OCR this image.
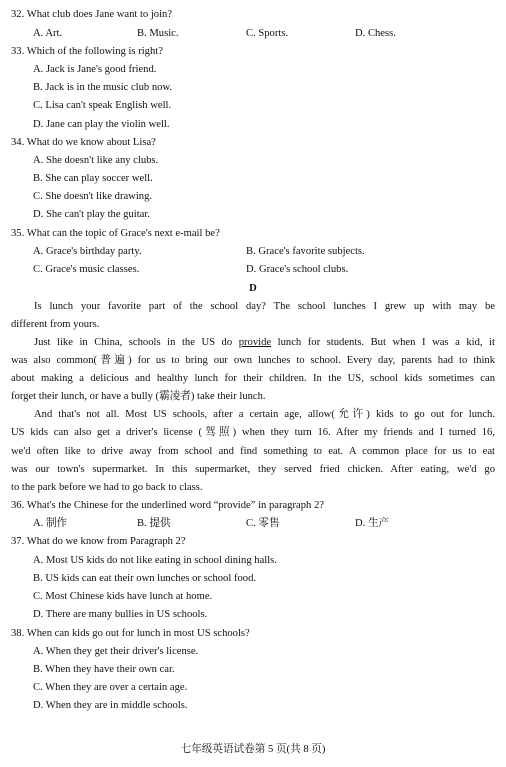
32. What club does Jane want to join?
A. Art.	B. Music.	C. Sports.	D. Chess.
33. Which of the following is right?
A. Jack is Jane's good friend.
B. Jack is in the music club now.
C. Lisa can't speak English well.
D. Jane can play the violin well.
34. What do we know about Lisa?
A. She doesn't like any clubs.
B. She can play soccer well.
C. She doesn't like drawing.
D. She can't play the guitar.
35. What can the topic of Grace's next e-mail be?
A. Grace's birthday party.	B. Grace's favorite subjects.
C. Grace's music classes.	D. Grace's school clubs.
D
Is lunch your favorite part of the school day? The school lunches I grew up with may be
different from yours.
Just like in China, schools in the US do provide lunch for students. But when I was a kid, it
was also common(普遍) for us to bring our own lunches to school. Every day, parents had to think
about making a delicious and healthy lunch for their children. In the US, school kids sometimes can
forget their lunch, or have a bully (霸凌者) take their lunch.
And that's not all. Most US schools, after a certain age, allow(允许) kids to go out for lunch.
US kids can also get a driver's license (驾照) when they turn 16. After my friends and I turned 16,
we'd often like to drive away from school and find something to eat. A common place for us to eat
was our town's supermarket. In this supermarket, they served fried chicken. After eating, we'd go
to the park before we had to go back to class.
36. What's the Chinese for the underlined word “provide” in paragraph 2?
A. 制作	B. 提供	C. 零售	D. 生产
37. What do we know from Paragraph 2?
A. Most US kids do not like eating in school dining halls.
B. US kids can eat their own lunches or school food.
C. Most Chinese kids have lunch at home.
D. There are many bullies in US schools.
38. When can kids go out for lunch in most US schools?
A. When they get their driver's license.
B. When they have their own car.
C. When they are over a certain age.
D. When they are in middle schools.
七年级英语试卷第 5 页(共 8 页)
